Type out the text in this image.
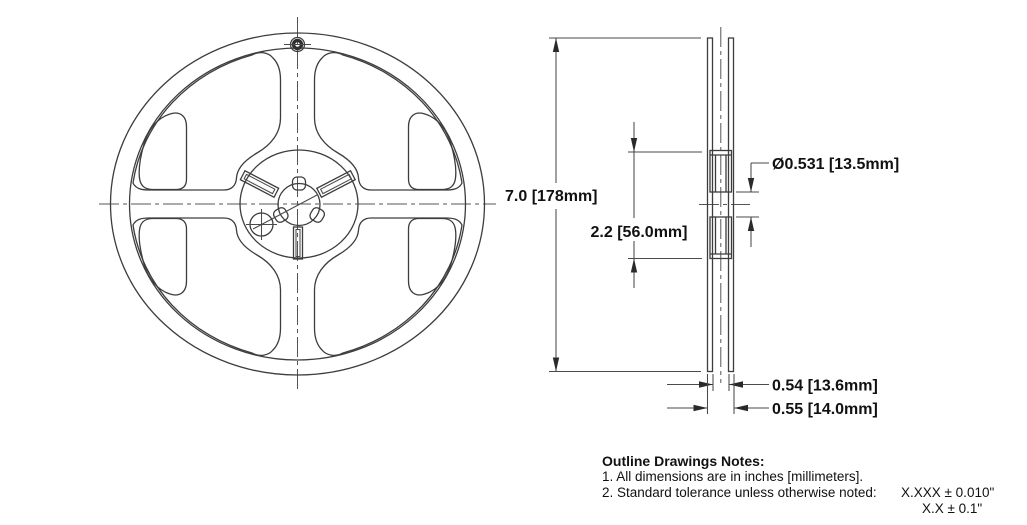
7.0 [178mm]
2.2 [56.0mm]
Ø0.531 [13.5mm]
0.54 [13.6mm]
0.55 [14.0mm]
Outline Drawings Notes:
1. All dimensions are in inches [millimeters].
2. Standard tolerance unless otherwise noted: X.XXX ± 0.010"
X.X ± 0.1"
